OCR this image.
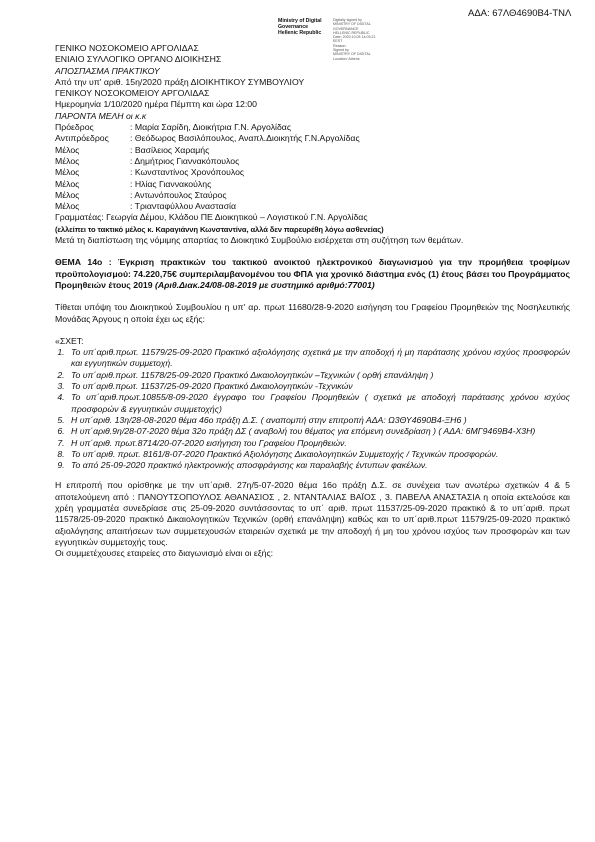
ΑΔΑ: 67ΛΘ4690Β4-ΤΝΛ
Ministry of Digital
Governance
Hellenic Republic

Digitally signed by
MINISTRY OF DIGITAL
GOVERNANCE
HELLENIC REPUBLIC
Date: 2020.10.05 14:03:21
EEST
Reason:
Signed by
MINISTRY OF DIGITAL
Location: Athens

ΓΕΝΙΚΟ ΝΟΣΟΚΟΜΕΙΟ ΑΡΓΟΛΙΔΑΣ

ΕΝΙΑΙΟ ΣΥΛΛΟΓΙΚΟ ΟΡΓΑΝΟ ΔΙΟΙΚΗΣΗΣ

ΑΠΟΣΠΑΣΜΑ ΠΡΑΚΤΙΚΟΥ

Από την υπ' αριθ. 15η/2020 πράξη ΔΙΟΙΚΗΤΙΚΟΥ ΣΥΜΒΟΥΛΙΟΥ

ΓΕΝΙΚΟΥ ΝΟΣΟΚΟΜΕΙΟΥ ΑΡΓΟΛΙΔΑΣ

Ημερομηνία 1/10/2020 ημέρα Πέμπτη και ώρα 12:00

ΠΑΡΟΝΤΑ ΜΕΛΗ οι κ.κ

Πρόεδρος	: Μαρία Σαρίδη, Διοικήτρια Γ.Ν. Αργολίδας
Αντιπρόεδρος	: Θεόδωρος Βασιλόπουλος, Αναπλ.Διοικητής Γ.Ν.Αργολίδας
Μέλος	: Βασίλειος Χαραμής
Μέλος	: Δημήτριος Γιαννακόπουλος
Μέλος	: Κωνσταντίνος Χρονόπουλος
Μέλος	: Ηλίας Γιαννακούλης
Μέλος	: Αντωνόπουλος Σταύρος
Μέλος	: Τριανταφύλλου Αναστασία

Γραμματέας: Γεωργία Δέμου, Κλάδου ΠΕ Διοικητικού – Λογιστικού Γ.Ν. Αργολίδας

(ελλείπει το τακτικό μέλος κ. Καραγιάννη Κωνσταντίνα, αλλά δεν παρευρέθη λόγω ασθενείας)

Μετά τη διαπίστωση της νόμιμης απαρτίας το Διοικητικό Συμβούλιο εισέρχεται στη συζήτηση των θεμάτων.

ΘΕΜΑ 14ο : Έγκριση πρακτικών του τακτικού ανοικτού ηλεκτρονικού διαγωνισμού για την προμήθεια τροφίμων προϋπολογισμού: 74.220,75€ συμπεριλαμβανομένου του ΦΠΑ για χρονικό διάστημα ενός (1) έτους βάσει του Προγράμματος Προμηθειών έτους 2019 (Αριθ.Διακ.24/08-08-2019 με συστημικό αριθμό:77001)

Τίθεται υπόψη του Διοικητικού Συμβουλίου η υπ' αρ. πρωτ 11680/28-9-2020 εισήγηση του Γραφείου Προμηθειών της Νοσηλευτικής Μονάδας Άργους η οποία έχει ως εξής:

«ΣΧΕΤ:

1. Το υπ΄αριθ.πρωτ. 11579/25-09-2020 Πρακτικό αξιολόγησης σχετικά με την αποδοχή ή μη παράτασης χρόνου ισχύος προσφορών και εγγυητικών συμμετοχή.
2. Το υπ΄αριθ.πρωτ. 11578/25-09-2020 Πρακτικό Δικαιολογητικών –Τεχνικών ( ορθή επανάληψη )
3. Το υπ΄αριθ.πρωτ. 11537/25-09-2020 Πρακτικό Δικαιολογητικών -Τεχνικών
4. Το υπ΄αριθ.πρωτ.10855/8-09-2020 έγγραφο του Γραφείου Προμηθειών ( σχετικά με αποδοχή παράτασης χρόνου ισχύος προσφορών & εγγυητικών συμμετοχής)
5. Η υπ΄αριθ. 13η/28-08-2020 θέμα 46ο πράξη Δ.Σ. ( αναπομπή στην επιτροπή ΑΔΑ: Ω3ΘΥ4690Β4-ΞΗ6 )
6. Η υπ΄αριθ.9η/28-07-2020 θέμα 32ο πράξη ΔΣ ( αναβολή του θέματος για επόμενη συνεδρίαση ) ( ΑΔΑ: 6ΜΓ9469Β4-Χ3Η)
7. Η υπ΄αριθ. πρωτ.8714/20-07-2020 εισήγηση του Γραφείου Προμηθειών.
8. Το υπ΄αριθ. πρωτ. 8161/8-07-2020 Πρακτικό Αξιολόγησης Δικαιολογητικών Συμμετοχής / Τεχνικών προσφορών.
9. Το από 25-09-2020 πρακτικό ηλεκτρονικής αποσφράγισης και παραλαβής έντυπων φακέλων.

Η επιτροπή που ορίσθηκε με την υπ΄αριθ. 27η/5-07-2020 θέμα 16ο πράξη Δ.Σ. σε συνέχεια των ανωτέρω σχετικών 4 & 5 αποτελούμενη από : ΠΑΝΟΥΤΣΟΠΟΥΛΟΣ ΑΘΑΝΑΣΙΟΣ , 2. ΝΤΑΝΤΑΛΙΑΣ ΒΑΪΟΣ , 3. ΠΑΒΕΛΑ ΑΝΑΣΤΑΣΙΑ η οποία εκτελούσε και χρέη γραμματέα συνεδρίασε στις 25-09-2020 συντάσσοντας το υπ΄ αριθ. πρωτ 11537/25-09-2020 πρακτικό & το υπ΄αριθ. πρωτ 11578/25-09-2020 πρακτικό Δικαιολογητικών Τεχνικών (ορθή επανάληψη) καθώς και το υπ΄αριθ.πρωτ 11579/25-09-2020 πρακτικό αξιολόγησης απαιτήσεων των συμμετεχουσών εταιρειών σχετικά με την αποδοχή ή μη του χρόνου ισχύος των προσφορών και των εγγυητικών συμμετοχής τους.

Οι συμμετέχουσες εταιρείες στο διαγωνισμό είναι οι εξής:
